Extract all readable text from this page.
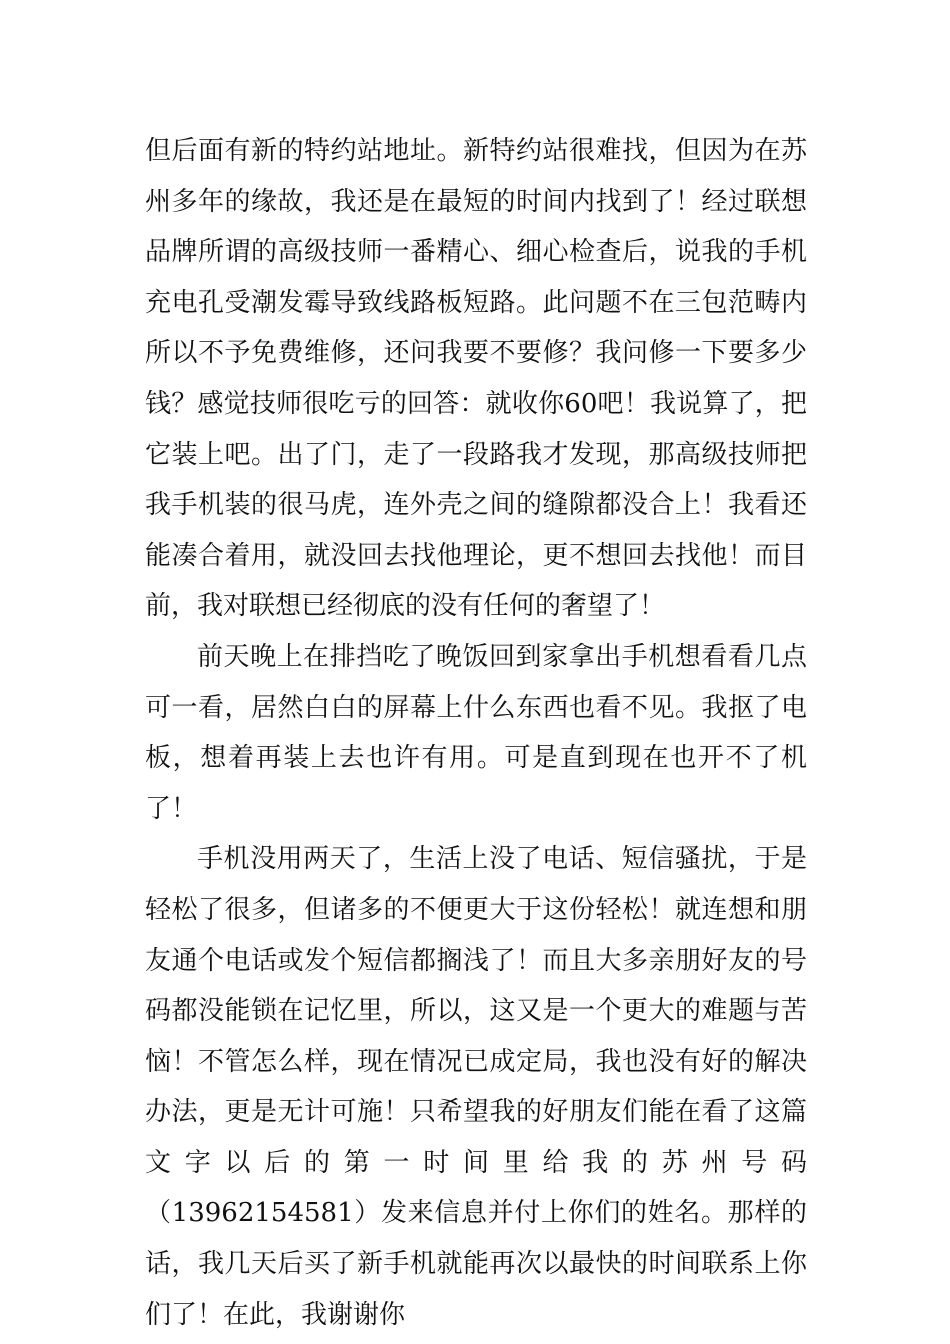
但后面有新的特约站地址。新特约站很难找，但因为在苏州多年的缘故，我还是在最短的时间内找到了！经过联想品牌所谓的高级技师一番精心、细心检查后，说我的手机充电孔受潮发霉导致线路板短路。此问题不在三包范畴内所以不予免费维修，还问我要不要修？我问修一下要多少钱？感觉技师很吃亏的回答：就收你60吧！我说算了，把它装上吧。出了门，走了一段路我才发现，那高级技师把我手机装的很马虎，连外壳之间的缝隙都没合上！我看还能凑合着用，就没回去找他理论，更不想回去找他！而目前，我对联想已经彻底的没有任何的奢望了！

前天晚上在排挡吃了晚饭回到家拿出手机想看看几点可一看，居然白白的屏幕上什么东西也看不见。我抠了电板，想着再装上去也许有用。可是直到现在也开不了机了！

手机没用两天了，生活上没了电话、短信骚扰，于是轻松了很多，但诸多的不便更大于这份轻松！就连想和朋友通个电话或发个短信都搁浅了！而且大多亲朋好友的号码都没能锁在记忆里，所以，这又是一个更大的难题与苦恼！不管怎么样，现在情况已成定局，我也没有好的解决办法，更是无计可施！只希望我的好朋友们能在看了这篇文字以后的第一时间里给我的苏州号码（13962154581）发来信息并付上你们的姓名。那样的话，我几天后买了新手机就能再次以最快的时间联系上你们了！在此，我谢谢你
